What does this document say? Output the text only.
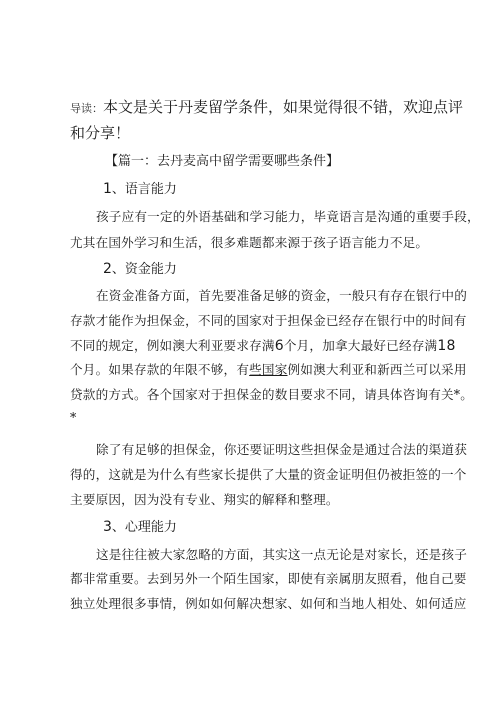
导读：本文是关于丹麦留学条件，如果觉得很不错，欢迎点评
和分享！
【篇一：去丹麦高中留学需要哪些条件】
1、语言能力
孩子应有一定的外语基础和学习能力，毕竟语言是沟通的重要手段，
尤其在国外学习和生活，很多难题都来源于孩子语言能力不足。
2、资金能力
在资金准备方面，首先要准备足够的资金，一般只有存在银行中的
存款才能作为担保金，不同的国家对于担保金已经存在银行中的时间有
不同的规定，例如澳大利亚要求存满6个月，加拿大最好已经存满18
个月。如果存款的年限不够，有些国家例如澳大利亚和新西兰可以采用
贷款的方式。各个国家对于担保金的数目要求不同，请具体咨询有关*。
*
除了有足够的担保金，你还要证明这些担保金是通过合法的渠道获
得的，这就是为什么有些家长提供了大量的资金证明但仍被拒签的一个
主要原因，因为没有专业、翔实的解释和整理。
3、心理能力
这是往往被大家忽略的方面，其实这一点无论是对家长，还是孩子
都非常重要。去到另外一个陌生国家，即使有亲属朋友照看，他自己要
独立处理很多事情，例如如何解决想家、如何和当地人相处、如何适应
